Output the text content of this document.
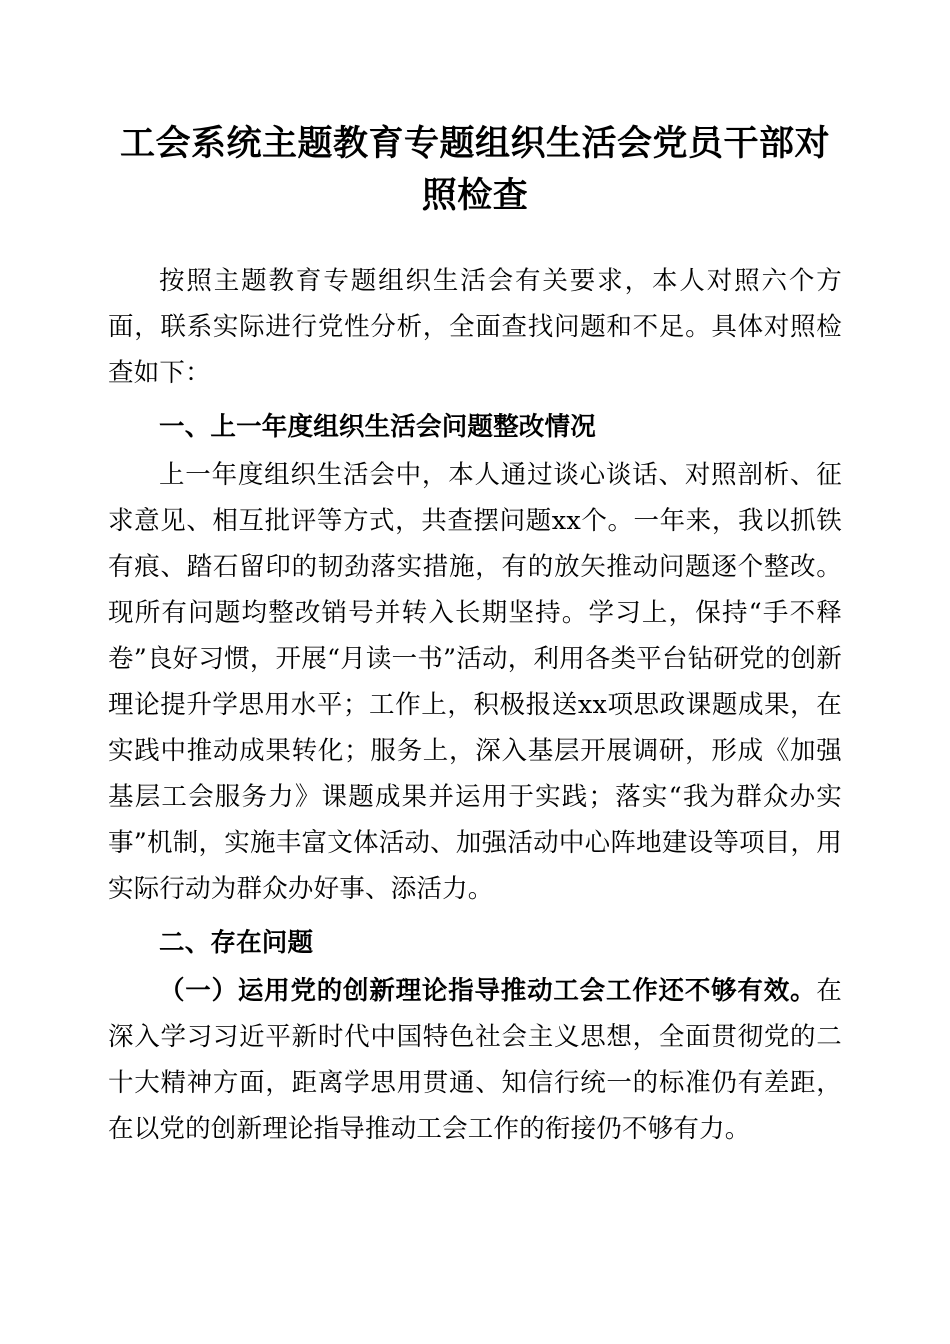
工会系统主题教育专题组织生活会党员干部对照检查

按照主题教育专题组织生活会有关要求，本人对照六个方面，联系实际进行党性分析，全面查找问题和不足。具体对照检查如下：

一、上一年度组织生活会问题整改情况

上一年度组织生活会中，本人通过谈心谈话、对照剖析、征求意见、相互批评等方式，共查摆问题xx个。一年来，我以抓铁有痕、踏石留印的韧劲落实措施，有的放矢推动问题逐个整改。现所有问题均整改销号并转入长期坚持。学习上，保持“手不释卷”良好习惯，开展“月读一书”活动，利用各类平台钻研党的创新理论提升学思用水平；工作上，积极报送xx项思政课题成果，在实践中推动成果转化；服务上，深入基层开展调研，形成《加强基层工会服务力》课题成果并运用于实践；落实“我为群众办实事”机制，实施丰富文体活动、加强活动中心阵地建设等项目，用实际行动为群众办好事、添活力。

二、存在问题

（一）运用党的创新理论指导推动工会工作还不够有效。在深入学习习近平新时代中国特色社会主义思想，全面贯彻党的二十大精神方面，距离学思用贯通、知信行统一的标准仍有差距，在以党的创新理论指导推动工会工作的衔接仍不够有力。
